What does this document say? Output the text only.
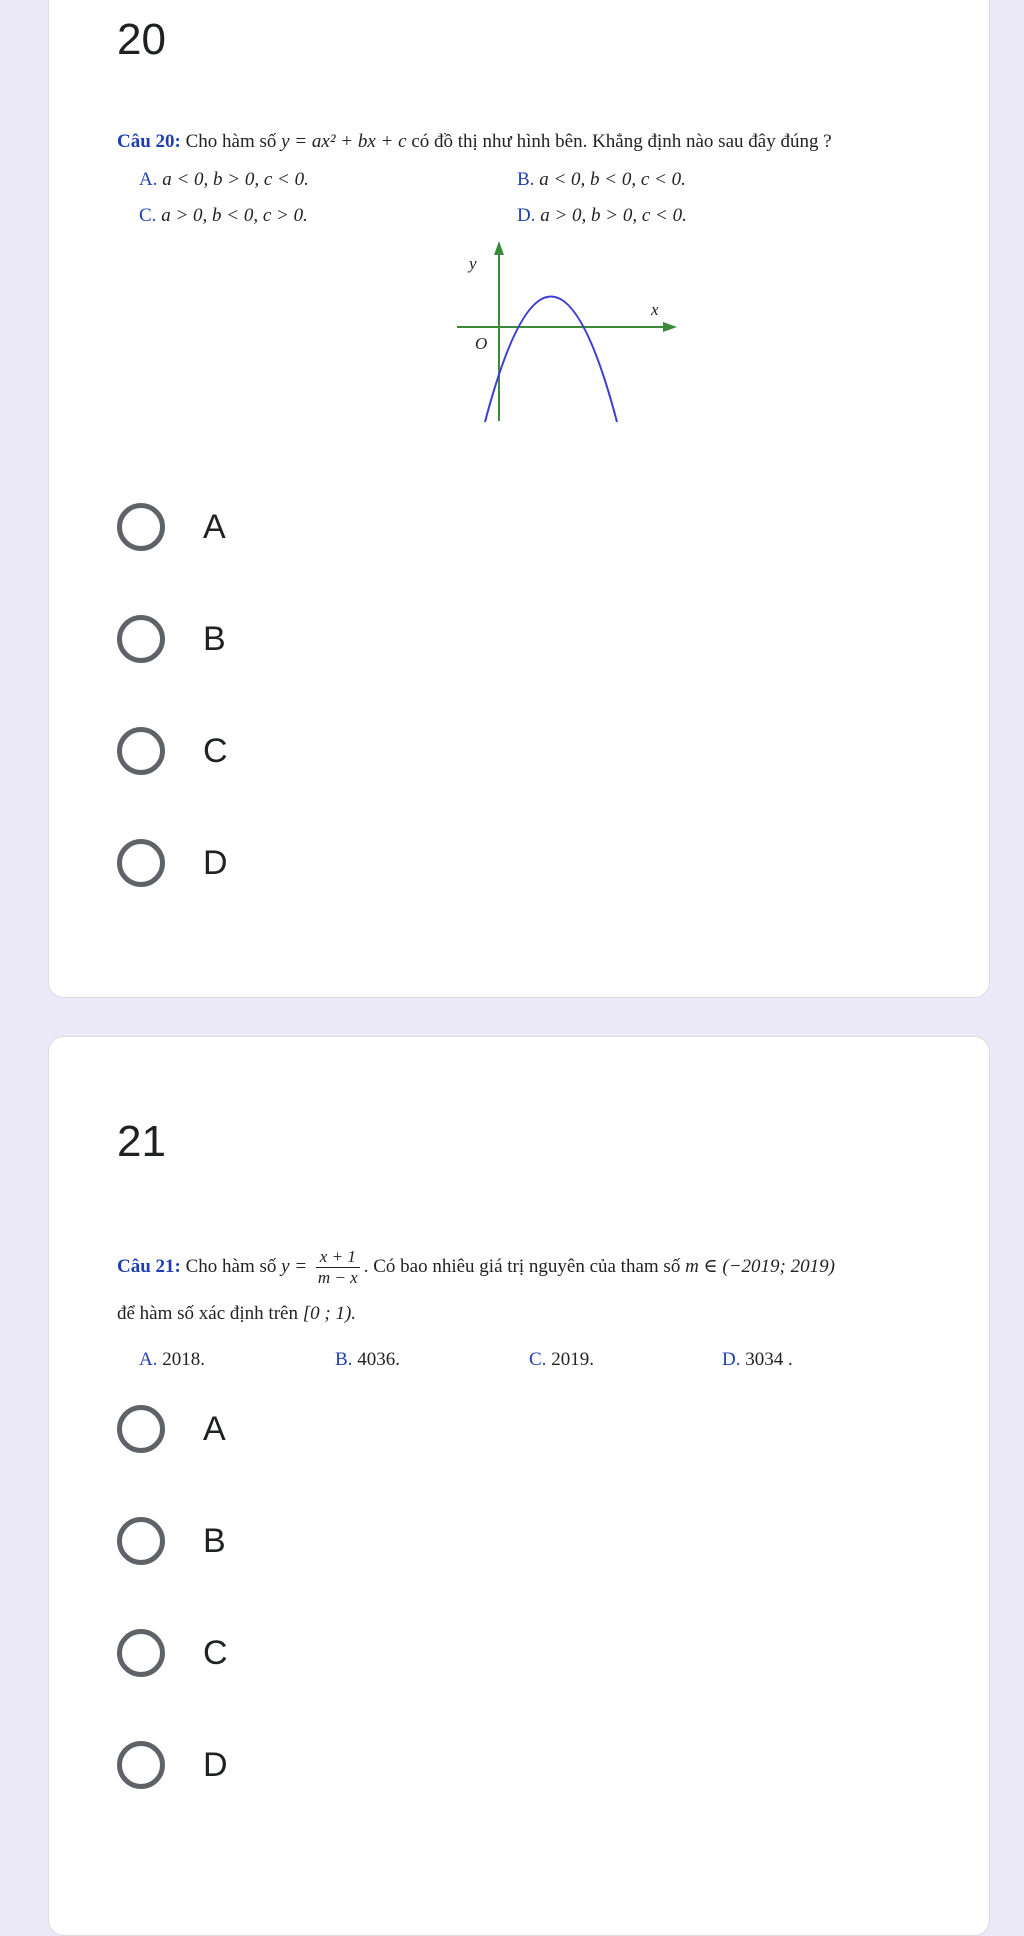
20
Câu 20: Cho hàm số y = ax² + bx + c có đồ thị như hình bên. Khẳng định nào sau đây đúng ?
A. a < 0, b > 0, c < 0.	B. a < 0, b < 0, c < 0.
C. a > 0, b < 0, c > 0.	D. a > 0, b > 0, c < 0.
y
x
O
A
B
C
D
21
Câu 21: Cho hàm số $y = \frac{x + 1}{m - x}$ . Có bao nhiêu giá trị nguyên của tham số m ∈ (−2019; 2019)
để hàm số xác định trên [0 ; 1).
A. 2018.	B. 4036.	C. 2019.	D. 3034 .
A
B
C
D
